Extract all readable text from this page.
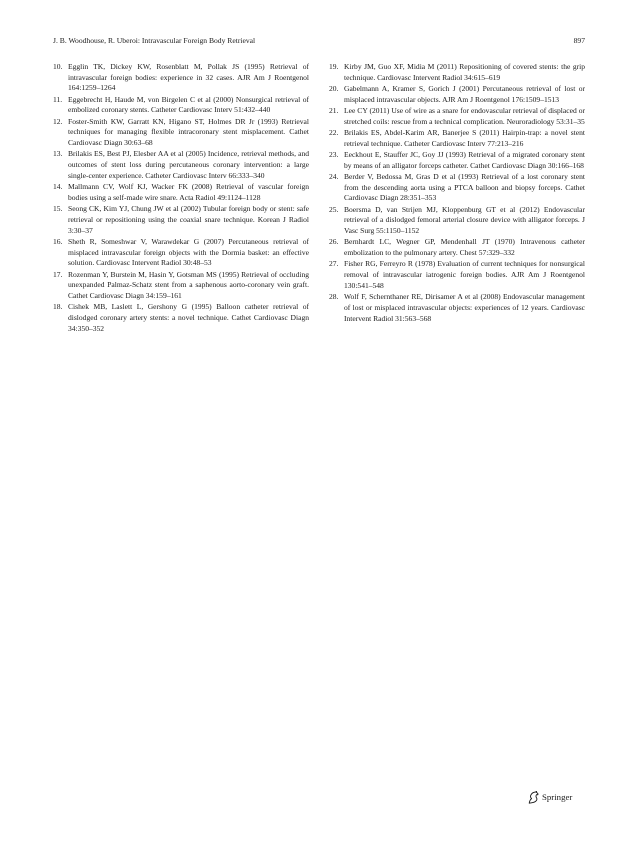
J. B. Woodhouse, R. Uberoi: Intravascular Foreign Body Retrieval	897
10. Egglin TK, Dickey KW, Rosenblatt M, Pollak JS (1995) Retrieval of intravascular foreign bodies: experience in 32 cases. AJR Am J Roentgenol 164:1259–1264
11. Eggebrecht H, Haude M, von Birgelen C et al (2000) Nonsurgical retrieval of embolized coronary stents. Catheter Cardiovasc Interv 51:432–440
12. Foster-Smith KW, Garratt KN, Higano ST, Holmes DR Jr (1993) Retrieval techniques for managing flexible intracoronary stent misplacement. Cathet Cardiovasc Diagn 30:63–68
13. Brilakis ES, Best PJ, Elesber AA et al (2005) Incidence, retrieval methods, and outcomes of stent loss during percutaneous coronary intervention: a large single-center experience. Catheter Cardiovasc Interv 66:333–340
14. Mallmann CV, Wolf KJ, Wacker FK (2008) Retrieval of vascular foreign bodies using a self-made wire snare. Acta Radiol 49:1124–1128
15. Seong CK, Kim YJ, Chung JW et al (2002) Tubular foreign body or stent: safe retrieval or repositioning using the coaxial snare technique. Korean J Radiol 3:30–37
16. Sheth R, Someshwar V, Warawdekar G (2007) Percutaneous retrieval of misplaced intravascular foreign objects with the Dormia basket: an effective solution. Cardiovasc Intervent Radiol 30:48–53
17. Rozenman Y, Burstein M, Hasin Y, Gotsman MS (1995) Retrieval of occluding unexpanded Palmaz-Schatz stent from a saphenous aorto-coronary vein graft. Cathet Cardiovasc Diagn 34:159–161
18. Cishek MB, Laslett L, Gershony G (1995) Balloon catheter retrieval of dislodged coronary artery stents: a novel technique. Cathet Cardiovasc Diagn 34:350–352
19. Kirby JM, Guo XF, Midia M (2011) Repositioning of covered stents: the grip technique. Cardiovasc Intervent Radiol 34:615–619
20. Gabelmann A, Kramer S, Gorich J (2001) Percutaneous retrieval of lost or misplaced intravascular objects. AJR Am J Roentgenol 176:1509–1513
21. Lee CY (2011) Use of wire as a snare for endovascular retrieval of displaced or stretched coils: rescue from a technical complication. Neuroradiology 53:31–35
22. Brilakis ES, Abdel-Karim AR, Banerjee S (2011) Hairpin-trap: a novel stent retrieval technique. Catheter Cardiovasc Interv 77:213–216
23. Eeckhout E, Stauffer JC, Goy JJ (1993) Retrieval of a migrated coronary stent by means of an alligator forceps catheter. Cathet Cardiovasc Diagn 30:166–168
24. Berder V, Bedossa M, Gras D et al (1993) Retrieval of a lost coronary stent from the descending aorta using a PTCA balloon and biopsy forceps. Cathet Cardiovasc Diagn 28:351–353
25. Boersma D, van Strijen MJ, Kloppenburg GT et al (2012) Endovascular retrieval of a dislodged femoral arterial closure device with alligator forceps. J Vasc Surg 55:1150–1152
26. Bernhardt LC, Wegner GP, Mendenhall JT (1970) Intravenous catheter embolization to the pulmonary artery. Chest 57:329–332
27. Fisher RG, Ferreyro R (1978) Evaluation of current techniques for nonsurgical removal of intravascular iatrogenic foreign bodies. AJR Am J Roentgenol 130:541–548
28. Wolf F, Schernthaner RE, Dirisamer A et al (2008) Endovascular management of lost or misplaced intravascular objects: experiences of 12 years. Cardiovasc Intervent Radiol 31:563–568
Springer
